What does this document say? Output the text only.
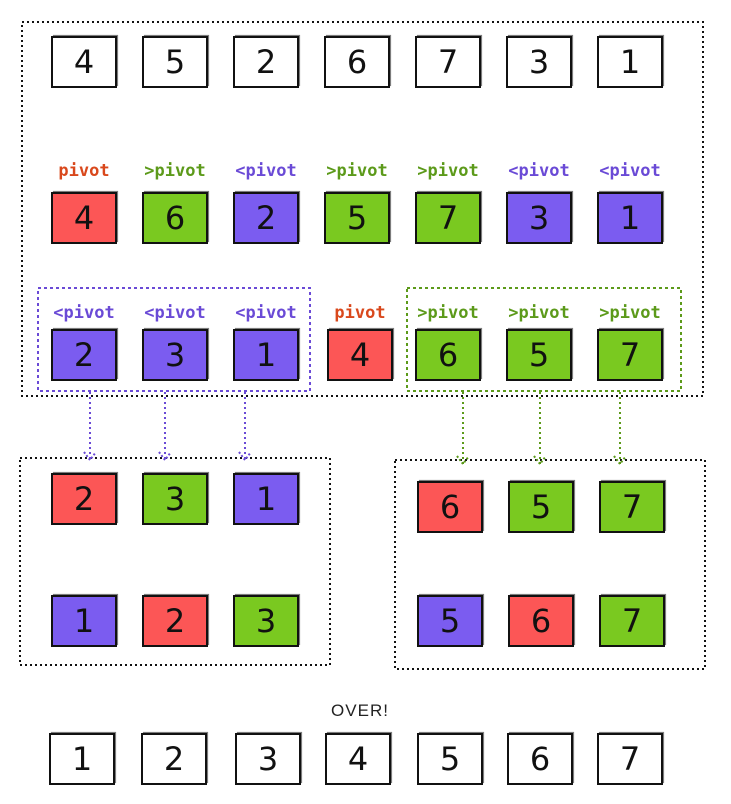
pivot >pivot <pivot >pivot >pivot <pivot <pivot
<pivot <pivot <pivot pivot >pivot >pivot >pivot
4 5 2 6 7 3 1
4 6 2 5 7 3 1
2 3 1 4 6 5 7
2 3 1
1 2 3
6 5 7
5 6 7
1 2 3 4 5 6 7
OVER!
